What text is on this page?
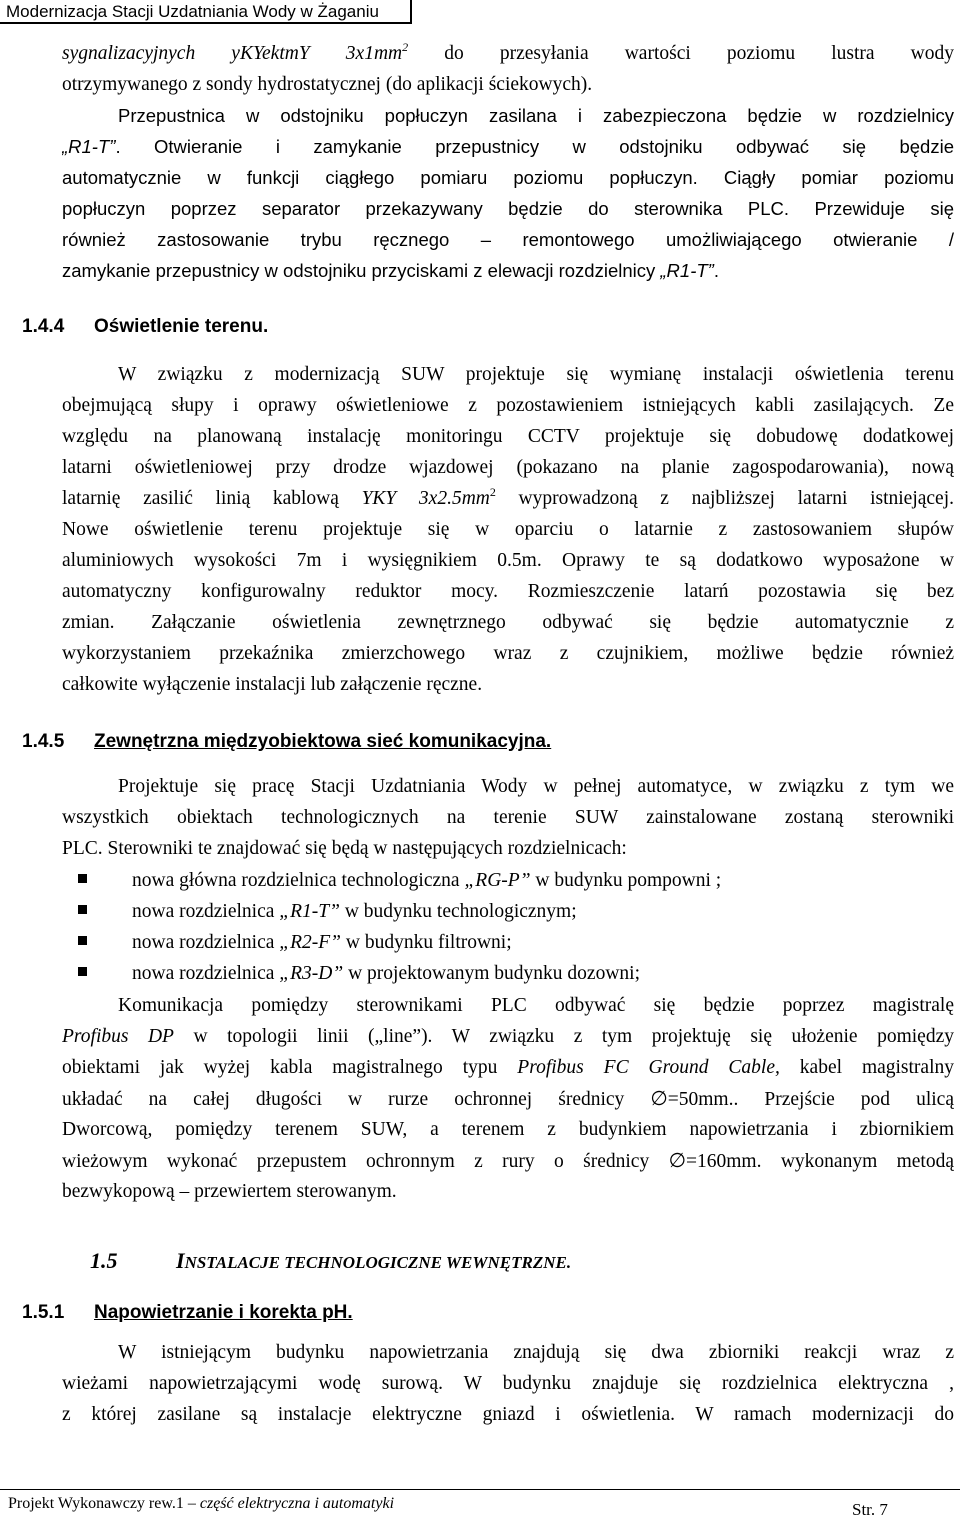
Modernizacja Stacji Uzdatniania Wody w Żaganiu
sygnalizacyjnych yKYektmY $3x1mm^2$ do przesyłania wartości poziomu lustra wody
otrzymywanego z sondy hydrostatycznej (do aplikacji ściekowych).
Przepustnica w odstojniku popłuczyn zasilana i zabezpieczona będzie w rozdzielnicy
„R1-T”. Otwieranie i zamykanie przepustnicy w odstojniku odbywać się będzie
automatycznie w funkcji ciągłego pomiaru poziomu popłuczyn. Ciągły pomiar poziomu
popłuczyn poprzez separator przekazywany będzie do sterownika PLC. Przewiduje się
również zastosowanie trybu ręcznego – remontowego umożliwiającego otwieranie /
zamykanie przepustnicy w odstojniku przyciskami z elewacji rozdzielnicy „R1-T”.
1.4.4 Oświetlenie terenu.
W związku z modernizacją SUW projektuje się wymianę instalacji oświetlenia terenu
obejmującą słupy i oprawy oświetleniowe z pozostawieniem istniejących kabli zasilających. Ze
względu na planowaną instalację monitoringu CCTV projektuje się dobudowę dodatkowej
latarni oświetleniowej przy drodze wjazdowej (pokazano na planie zagospodarowania), nową
latarnię zasilić linią kablową YKY $3x2.5mm^2$ wyprowadzoną z najbliższej latarni istniejącej.
Nowe oświetlenie terenu projektuje się w oparciu o latarnie z zastosowaniem słupów
aluminiowych wysokości 7m i wysięgnikiem 0.5m. Oprawy te są dodatkowo wyposażone w
automatyczny konfigurowalny reduktor mocy. Rozmieszczenie latarń pozostawia się bez
zmian. Załączanie oświetlenia zewnętrznego odbywać się będzie automatycznie z
wykorzystaniem przekaźnika zmierzchowego wraz z czujnikiem, możliwe będzie również
całkowite wyłączenie instalacji lub załączenie ręczne.
1.4.5 Zewnętrzna międzyobiektowa sieć komunikacyjna.
Projektuje się pracę Stacji Uzdatniania Wody w pełnej automatyce, w związku z tym we
wszystkich obiektach technologicznych na terenie SUW zainstalowane zostaną sterowniki
PLC. Sterowniki te znajdować się będą w następujących rozdzielnicach:
nowa główna rozdzielnica technologiczna „RG-P” w budynku pompowni ;
nowa rozdzielnica „R1-T” w budynku technologicznym;
nowa rozdzielnica „R2-F” w budynku filtrowni;
nowa rozdzielnica „R3-D” w projektowanym budynku dozowni;
Komunikacja pomiędzy sterownikami PLC odbywać się będzie poprzez magistralę
Profibus DP w topologii linii („line”). W związku z tym projektuję się ułożenie pomiędzy
obiektami jak wyżej kabla magistralnego typu Profibus FC Ground Cable, kabel magistralny
układać na całej długości w rurze ochronnej średnicy ∅=50mm.. Przejście pod ulicą
Dworcową, pomiędzy terenem SUW, a terenem z budynkiem napowietrzania i zbiornikiem
wieżowym wykonać przepustem ochronnym z rury o średnicy ∅=160mm. wykonanym metodą
bezwykopową – przewiertem sterowanym.
1.5	INSTALACJE TECHNOLOGICZNE WEWNĘTRZNE.
1.5.1 Napowietrzanie i korekta pH.
W istniejącym budynku napowietrzania znajdują się dwa zbiorniki reakcji wraz z
wieżami napowietrzającymi wodę surową. W budynku znajduje się rozdzielnica elektryczna ,
z której zasilane są instalacje elektryczne gniazd i oświetlenia. W ramach modernizacji do
Projekt Wykonawczy rew.1 – część elektryczna i automatyki	Str. 7
